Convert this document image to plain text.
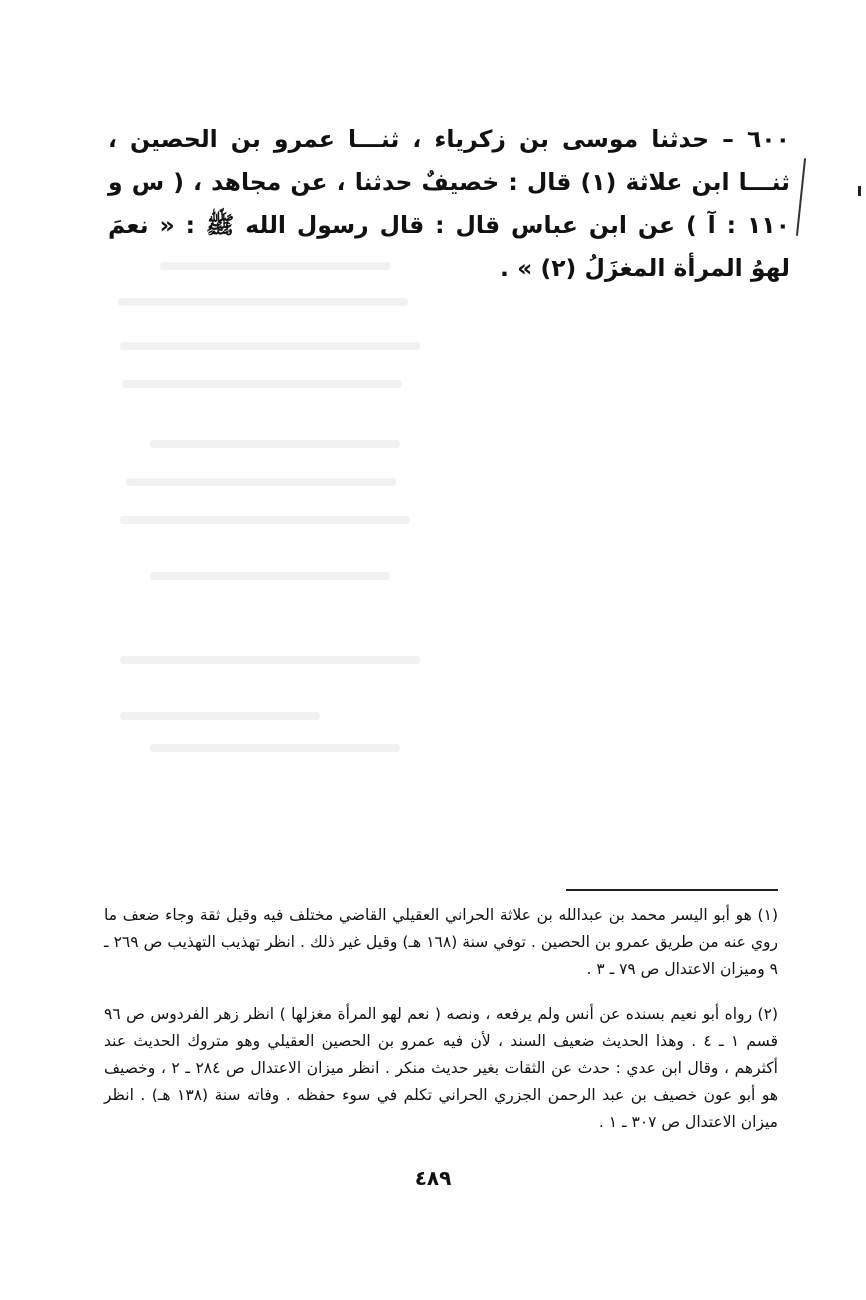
٦٠٠ – حدثنا موسى بن زكرياء ، ثنـــا عمرو بن الحصين ، ثنـــا ابن علاثة (١) قال : خصيفٌ حدثنا ، عن مجاهد ، ( س و ١١٠ : آ ) عن ابن عباس قال : قال رسول الله ﷺ : « نعمَ لهوُ المرأة المغزَلُ (٢) » .
(١) هو أبو اليسر محمد بن عبدالله بن علاثة الحراني العقيلي القاضي مختلف فيه وقيل ثقة وجاء ضعف ما روي عنه من طريق عمرو بن الحصين . توفي سنة (١٦٨ هـ) وقيل غير ذلك . انظر تهذيب التهذيب ص ٢٦٩ ـ ٩ وميزان الاعتدال ص ٧٩ ـ ٣ .
(٢) رواه أبو نعيم بسنده عن أنس ولم يرفعه ، ونصه ( نعم لهو المرأة مغزلها ) انظر زهر الفردوس ص ٩٦ قسم ١ ـ ٤ . وهذا الحديث ضعيف السند ، لأن فيه عمرو بن الحصين العقيلي وهو متروك الحديث عند أكثرهم ، وقال ابن عدي : حدث عن الثقات بغير حديث منكر . انظر ميزان الاعتدال ص ٢٨٤ ـ ٢ ، وخصيف هو أبو عون خصيف بن عبد الرحمن الجزري الحراني تكلم في سوء حفظه . وفاته سنة (١٣٨ هـ) . انظر ميزان الاعتدال ص ٣٠٧ ـ ١ .
٤٨٩
